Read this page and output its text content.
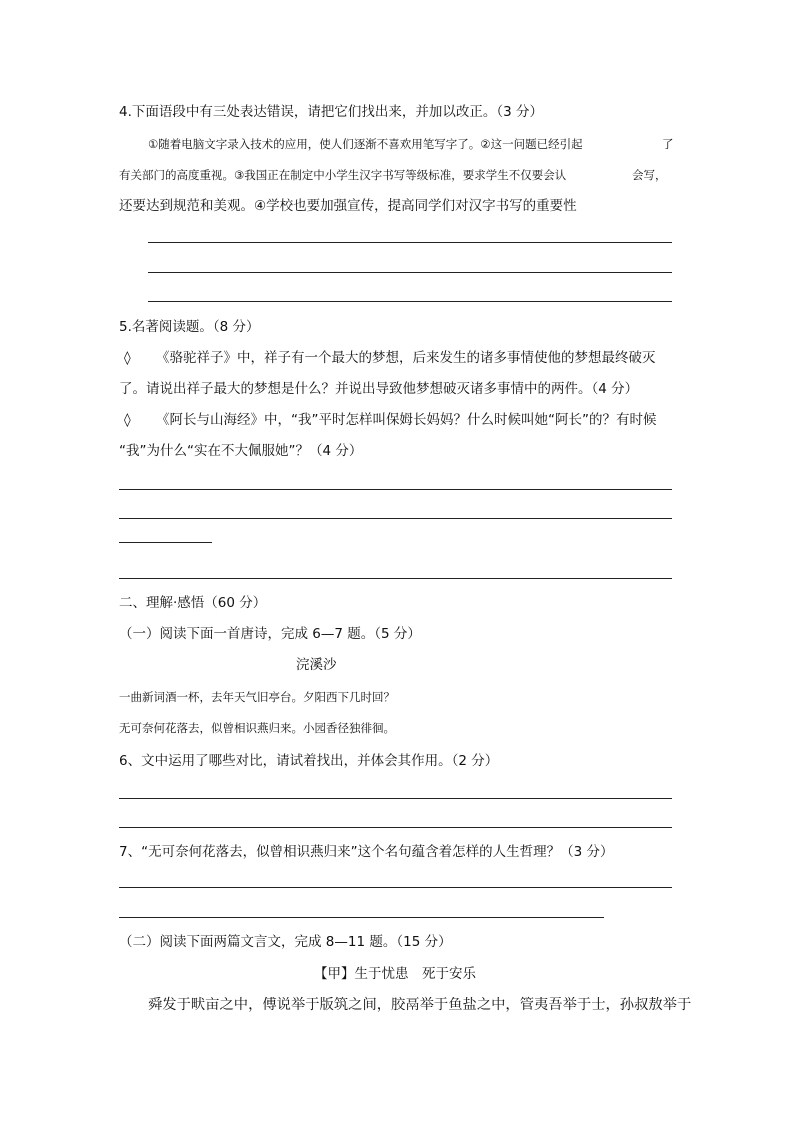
4.下面语段中有三处表达错误，请把它们找出来，并加以改正。（3 分）
①随着电脑文字录入技术的应用，使人们逐渐不喜欢用笔写字了。②这一问题已经引起	了
有关部门的高度重视。③我国正在制定中小学生汉字书写等级标准，要求学生不仅要会认	会写，
还要达到规范和美观。④学校也要加强宣传，提高同学们对汉字书写的重要性
5.名著阅读题。（8 分）
◊ 《骆驼祥子》中，祥子有一个最大的梦想，后来发生的诸多事情使他的梦想最终破灭
了。请说出祥子最大的梦想是什么？并说出导致他梦想破灭诸多事情中的两件。（4 分）
◊ 《阿长与山海经》中，“我”平时怎样叫保姆长妈妈？什么时候叫她“阿长”的？有时候
“我”为什么“实在不大佩服她”？（4 分）
二、理解·感悟（60 分）
（一）阅读下面一首唐诗，完成 6—7 题。（5 分）
浣溪沙
一曲新词酒一杯，去年天气旧亭台。夕阳西下几时回？
无可奈何花落去，似曾相识燕归来。小园香径独徘徊。
6、文中运用了哪些对比，请试着找出，并体会其作用。（2 分）
7、“无可奈何花落去，似曾相识燕归来”这个名句蕴含着怎样的人生哲理？（3 分）
（二）阅读下面两篇文言文，完成 8—11 题。（15 分）
【甲】生于忧患　死于安乐
舜发于畎亩之中，傅说举于版筑之间，胶鬲举于鱼盐之中，管夷吾举于士，孙叔敖举于
